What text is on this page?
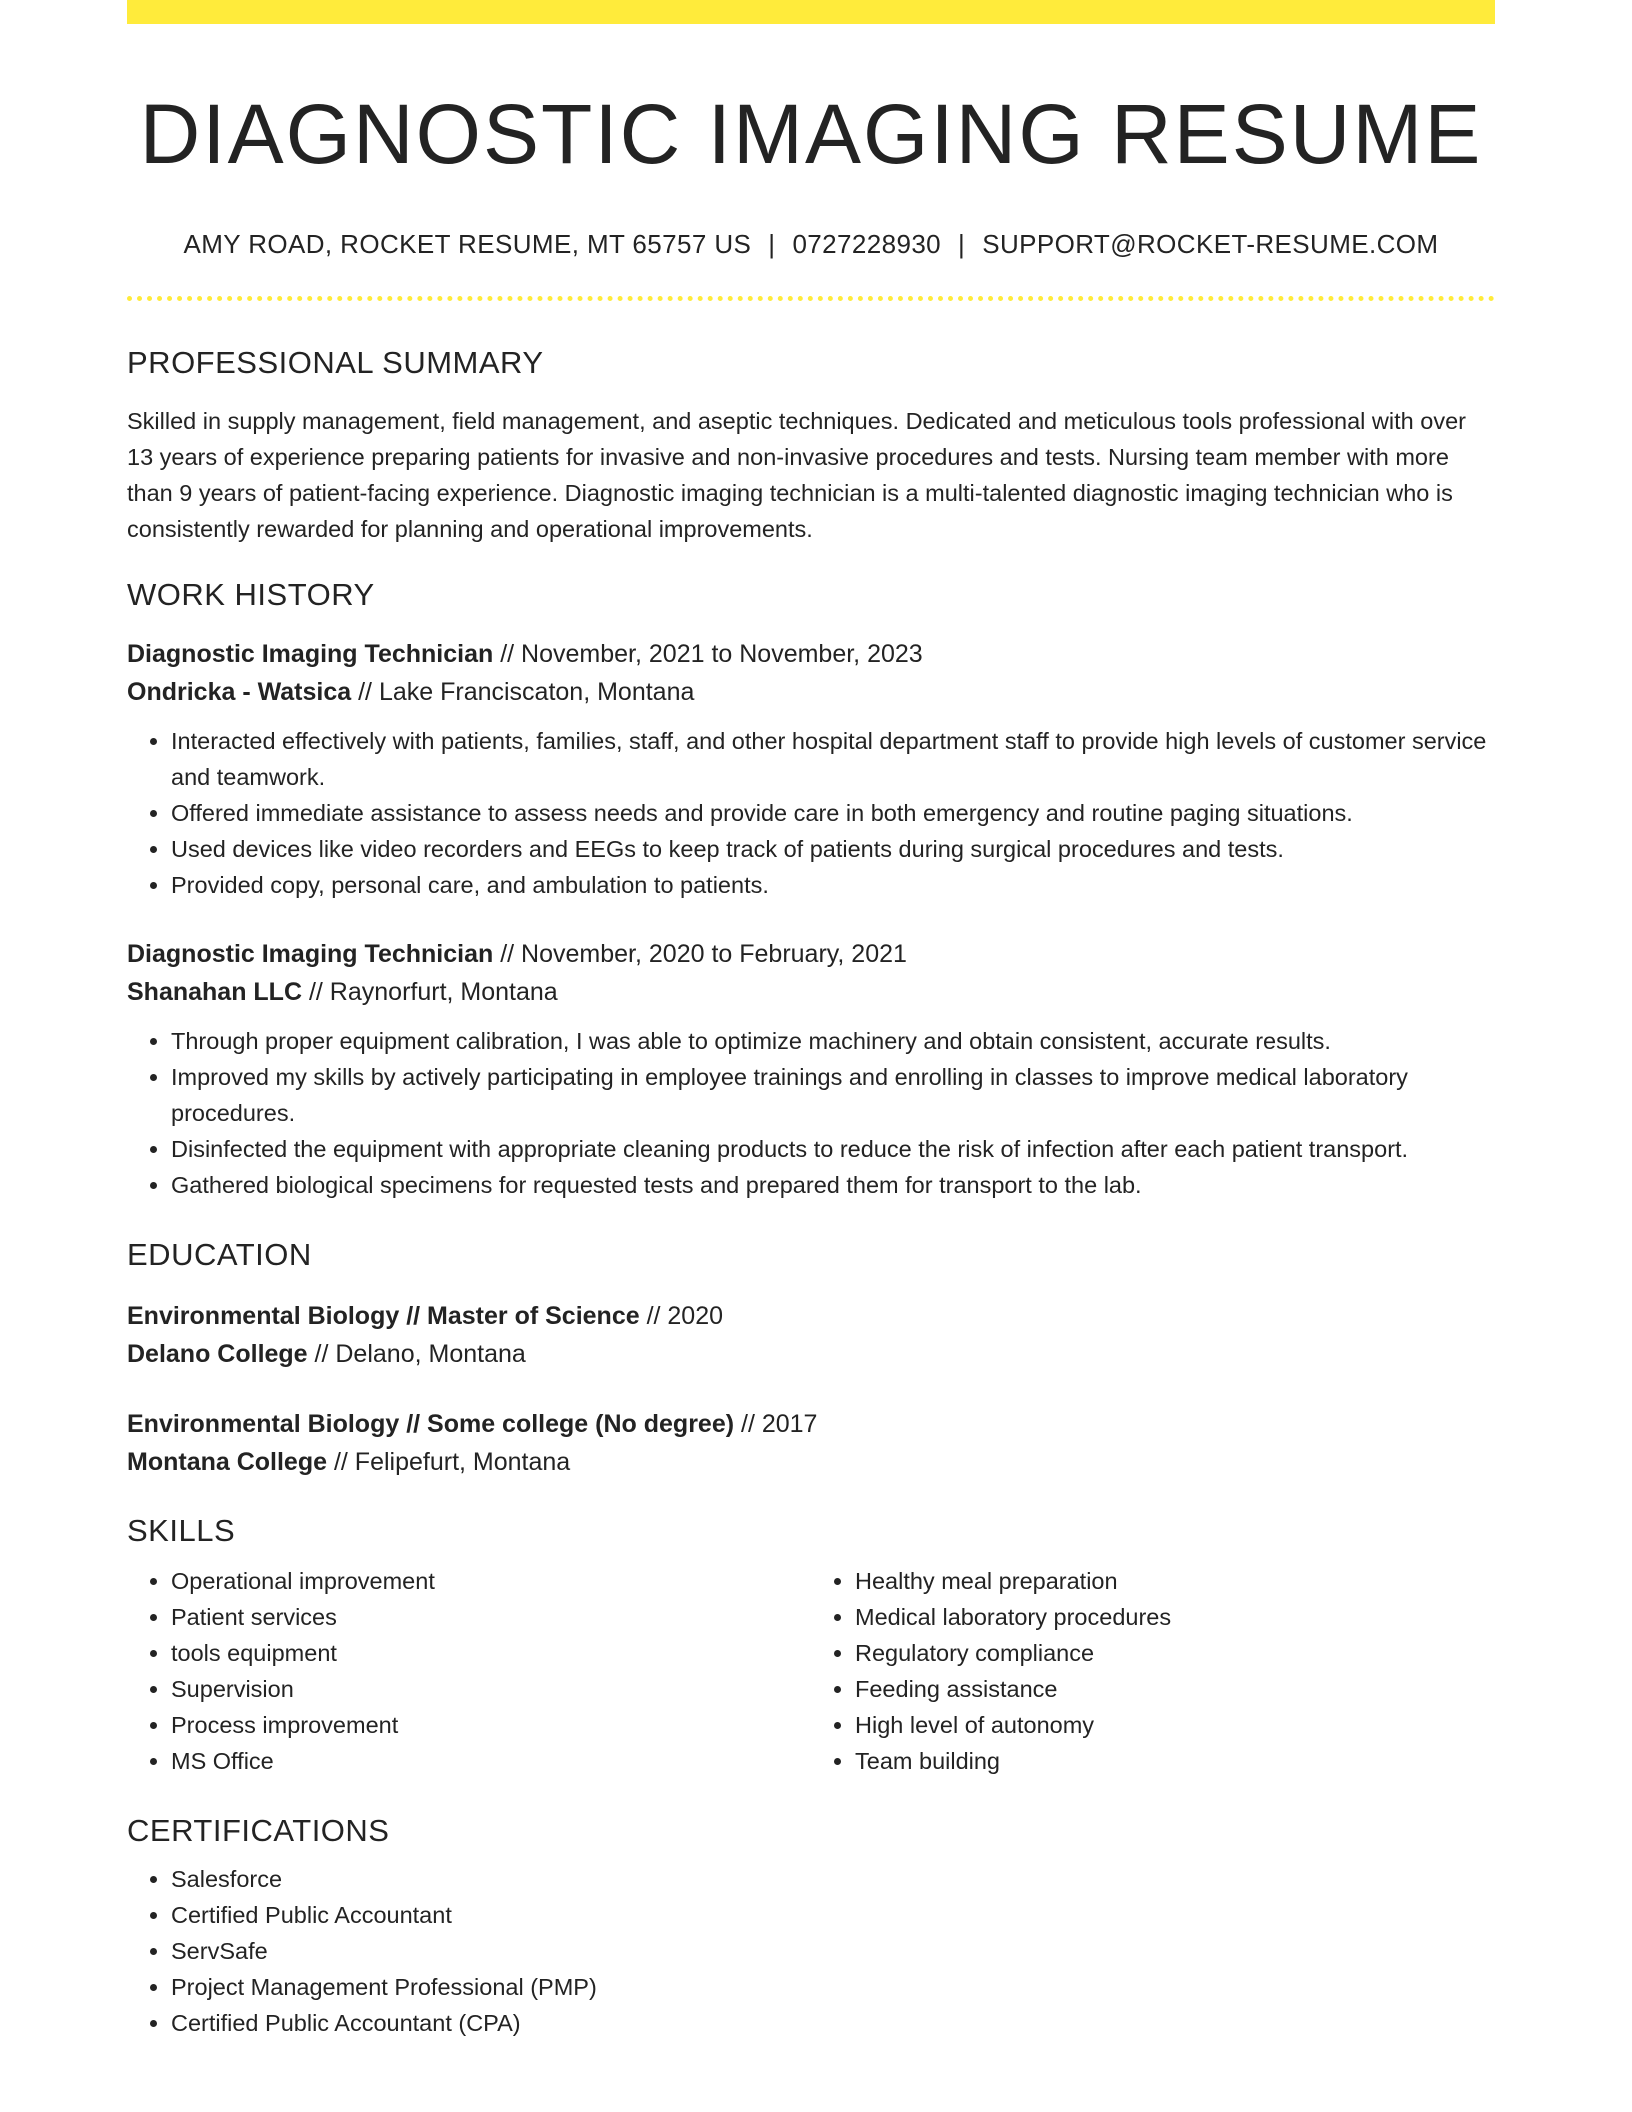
DIAGNOSTIC IMAGING RESUME
AMY ROAD, ROCKET RESUME, MT 65757 US | 0727228930 | SUPPORT@ROCKET-RESUME.COM
PROFESSIONAL SUMMARY
Skilled in supply management, field management, and aseptic techniques. Dedicated and meticulous tools professional with over 13 years of experience preparing patients for invasive and non-invasive procedures and tests. Nursing team member with more than 9 years of patient-facing experience. Diagnostic imaging technician is a multi-talented diagnostic imaging technician who is consistently rewarded for planning and operational improvements.
WORK HISTORY
Diagnostic Imaging Technician // November, 2021 to November, 2023
Ondricka - Watsica // Lake Franciscaton, Montana
• Interacted effectively with patients, families, staff, and other hospital department staff to provide high levels of customer service and teamwork.
• Offered immediate assistance to assess needs and provide care in both emergency and routine paging situations.
• Used devices like video recorders and EEGs to keep track of patients during surgical procedures and tests.
• Provided copy, personal care, and ambulation to patients.
Diagnostic Imaging Technician // November, 2020 to February, 2021
Shanahan LLC // Raynorfurt, Montana
• Through proper equipment calibration, I was able to optimize machinery and obtain consistent, accurate results.
• Improved my skills by actively participating in employee trainings and enrolling in classes to improve medical laboratory procedures.
• Disinfected the equipment with appropriate cleaning products to reduce the risk of infection after each patient transport.
• Gathered biological specimens for requested tests and prepared them for transport to the lab.
EDUCATION
Environmental Biology // Master of Science // 2020
Delano College // Delano, Montana
Environmental Biology // Some college (No degree) // 2017
Montana College // Felipefurt, Montana
SKILLS
• Operational improvement
• Patient services
• tools equipment
• Supervision
• Process improvement
• MS Office
• Healthy meal preparation
• Medical laboratory procedures
• Regulatory compliance
• Feeding assistance
• High level of autonomy
• Team building
CERTIFICATIONS
• Salesforce
• Certified Public Accountant
• ServSafe
• Project Management Professional (PMP)
• Certified Public Accountant (CPA)
